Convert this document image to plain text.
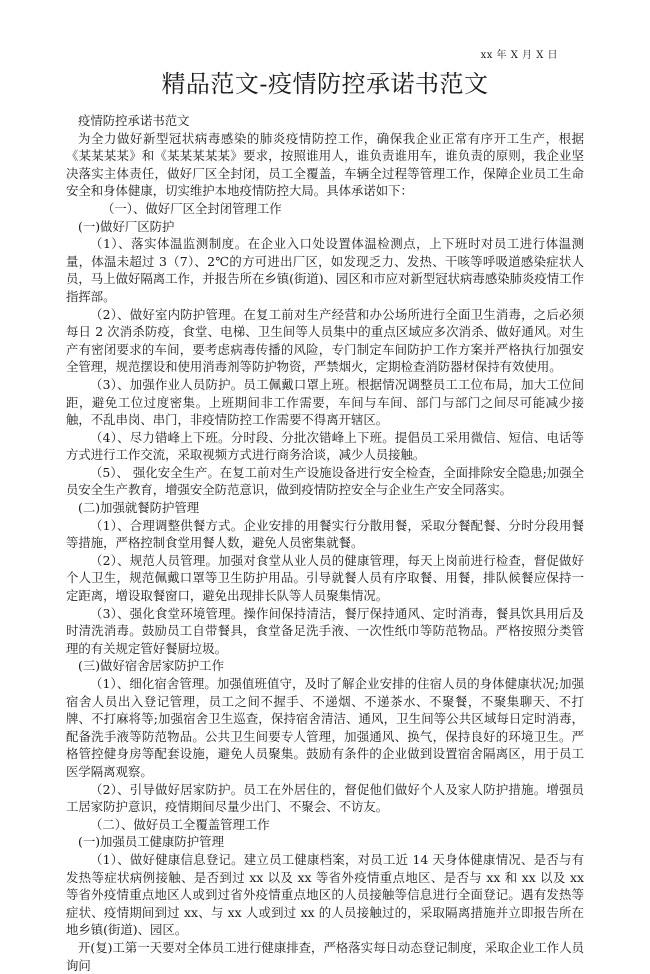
xx 年 X 月 X 日
精品范文-疫情防控承诺书范文

疫情防控承诺书范文

为全力做好新型冠状病毒感染的肺炎疫情防控工作，确保我企业正常有序开工生产，根据《某某某某》和《某某某某某》要求，按照谁用人，谁负责谁用车，谁负责的原则，我企业坚决落实主体责任，做好厂区全封闭，员工全覆盖，车辆全过程等管理工作，保障企业员工生命安全和身体健康，切实维护本地疫情防控大局。具体承诺如下：

（一）、做好厂区全封闭管理工作

(一)做好厂区防护

（1）、落实体温监测制度。在企业入口处设置体温检测点，上下班时对员工进行体温测量，体温未超过 3（7）、2℃的方可进出厂区，如发现乏力、发热、干咳等呼吸道感染症状人员，马上做好隔离工作，并报告所在乡镇(街道)、园区和市应对新型冠状病毒感染肺炎疫情工作指挥部。

（2）、做好室内防护管理。在复工前对生产经营和办公场所进行全面卫生消毒，之后必须每日 2 次消杀防疫，食堂、电梯、卫生间等人员集中的重点区域应多次消杀、做好通风。对生产有密闭要求的车间，要考虑病毒传播的风险，专门制定车间防护工作方案并严格执行加强安全管理，规范摆设和使用消毒剂等防护物资，严禁烟火，定期检查消防器材保持有效使用。

（3）、加强作业人员防护。员工佩戴口罩上班。根据情况调整员工工位布局，加大工位间距，避免工位过度密集。上班期间非工作需要，车间与车间、部门与部门之间尽可能减少接触，不乱串岗、串门，非疫情防控工作需要不得离开辖区。

（4）、尽力错峰上下班。分时段、分批次错峰上下班。提倡员工采用微信、短信、电话等方式进行工作交流，采取视频方式进行商务洽谈，减少人员接触。

（5）、 强化安全生产。在复工前对生产设施设备进行安全检查，全面排除安全隐患;加强全员安全生产教育，增强安全防范意识，做到疫情防控安全与企业生产安全同落实。

(二)加强就餐防护管理

（1）、合理调整供餐方式。企业安排的用餐实行分散用餐，采取分餐配餐、分时分段用餐等措施，严格控制食堂用餐人数，避免人员密集就餐。

（2）、规范人员管理。加强对食堂从业人员的健康管理，每天上岗前进行检查，督促做好个人卫生，规范佩戴口罩等卫生防护用品。引导就餐人员有序取餐、用餐，排队候餐应保持一定距离，增设取餐窗口，避免出现排长队等人员聚集情况。

（3）、强化食堂环境管理。操作间保持清洁，餐厅保持通风、定时消毒，餐具饮具用后及时清洗消毒。鼓励员工自带餐具，食堂备足洗手液、一次性纸巾等防范物品。严格按照分类管理的有关规定管好餐厨垃圾。

(三)做好宿舍居家防护工作

（1）、细化宿舍管理。加强值班值守，及时了解企业安排的住宿人员的身体健康状况;加强宿舍人员出入登记管理，员工之间不握手、不递烟、不递茶水、不聚餐，不聚集聊天、不打牌、不打麻将等;加强宿舍卫生巡查，保持宿舍清洁、通风，卫生间等公共区域每日定时消毒，配备洗手液等防范物品。公共卫生间要专人管理，加强通风、换气，保持良好的环境卫生。严格管控健身房等配套设施，避免人员聚集。鼓励有条件的企业做到设置宿舍隔离区，用于员工医学隔离观察。

（2）、引导做好居家防护。员工在外居住的，督促他们做好个人及家人防护措施。增强员工居家防护意识，疫情期间尽量少出门、不聚会、不访友。

（二）、做好员工全覆盖管理工作

(一)加强员工健康防护管理

（1）、做好健康信息登记。建立员工健康档案，对员工近 14 天身体健康情况、是否与有发热等症状病例接触、是否到过 xx 以及 xx 等省外疫情重点地区、是否与 xx 和 xx 以及 xx 等省外疫情重点地区人或到过省外疫情重点地区的人员接触等信息进行全面登记。遇有发热等症状、疫情期间到过 xx、与 xx 人或到过 xx 的人员接触过的，采取隔离措施并立即报告所在地乡镇(街道)、园区。

开(复)工第一天要对全体员工进行健康排查，严格落实每日动态登记制度，采取企业工作人员询问
